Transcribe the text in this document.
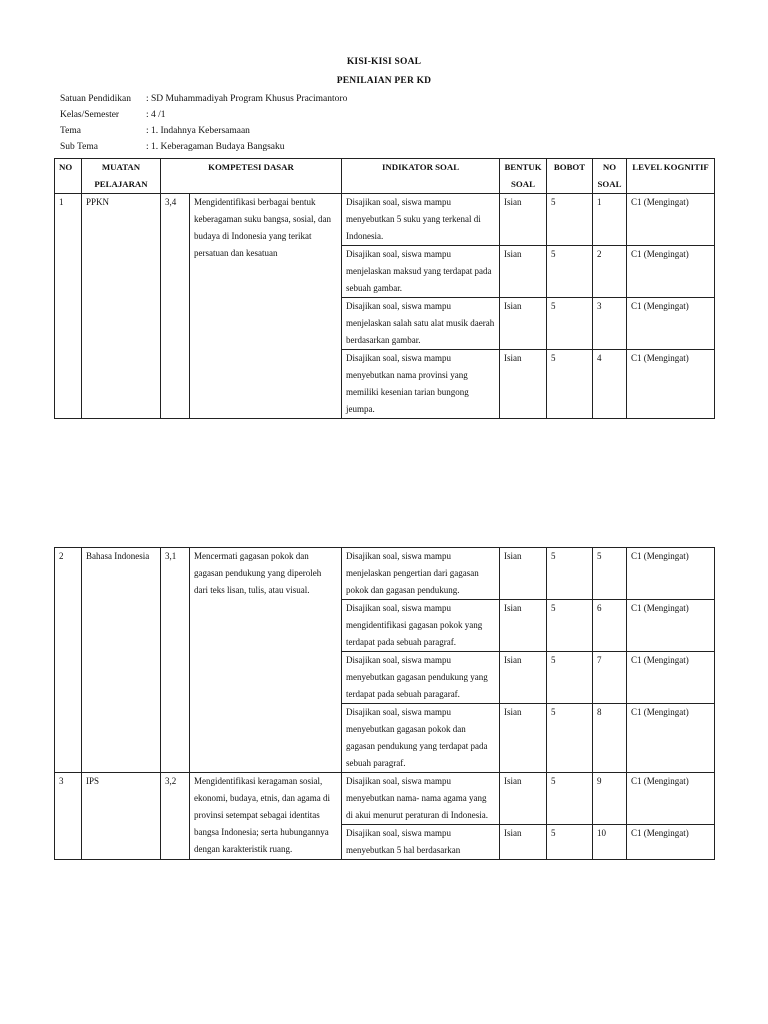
KISI-KISI SOAL
PENILAIAN PER KD
Satuan Pendidikan	: SD Muhammadiyah Program Khusus Pracimantoro
Kelas/Semester	: 4 /1
Tema	: 1. Indahnya Kebersamaan
Sub Tema	: 1. Keberagaman Budaya Bangsaku
NO	MUATAN PELAJARAN	KOMPETESI DASAR		INDIKATOR SOAL	BENTUK SOAL	BOBOT	NO SOAL	LEVEL KOGNITIF
1	PPKN	3,4	Mengidentifikasi berbagai bentuk keberagaman suku bangsa, sosial, dan budaya di Indonesia yang terikat persatuan dan kesatuan	Disajikan soal, siswa mampu menyebutkan 5 suku yang terkenal di Indonesia.	Isian	5	1	C1 (Mengingat)
				Disajikan soal, siswa mampu menjelaskan maksud yang terdapat pada sebuah gambar.	Isian	5	2	C1 (Mengingat)
				Disajikan soal, siswa mampu menjelaskan salah satu alat musik daerah berdasarkan gambar.	Isian	5	3	C1 (Mengingat)
				Disajikan soal, siswa mampu menyebutkan nama provinsi yang memiliki kesenian tarian bungong jeumpa.	Isian	5	4	C1 (Mengingat)
2	Bahasa Indonesia	3,1	Mencermati gagasan pokok dan gagasan pendukung yang diperoleh dari teks lisan, tulis, atau visual.	Disajikan soal, siswa mampu menjelaskan pengertian dari gagasan pokok dan gagasan pendukung.	Isian	5	5	C1 (Mengingat)
				Disajikan soal, siswa mampu mengidentifikasi gagasan pokok yang terdapat pada sebuah paragraf.	Isian	5	6	C1 (Mengingat)
				Disajikan soal, siswa mampu menyebutkan gagasan pendukung yang terdapat pada sebuah paragaraf.	Isian	5	7	C1 (Mengingat)
				Disajikan soal, siswa mampu menyebutkan gagasan pokok dan gagasan pendukung yang terdapat pada sebuah paragraf.	Isian	5	8	C1 (Mengingat)
3	IPS	3,2	Mengidentifikasi keragaman sosial, ekonomi, budaya, etnis, dan agama di provinsi setempat sebagai identitas bangsa Indonesia; serta hubungannya dengan karakteristik ruang.	Disajikan soal, siswa mampu menyebutkan nama- nama agama yang di akui menurut peraturan di Indonesia.	Isian	5	9	C1 (Mengingat)
				Disajikan soal, siswa mampu menyebutkan 5 hal berdasarkan	Isian	5	10	C1 (Mengingat)
